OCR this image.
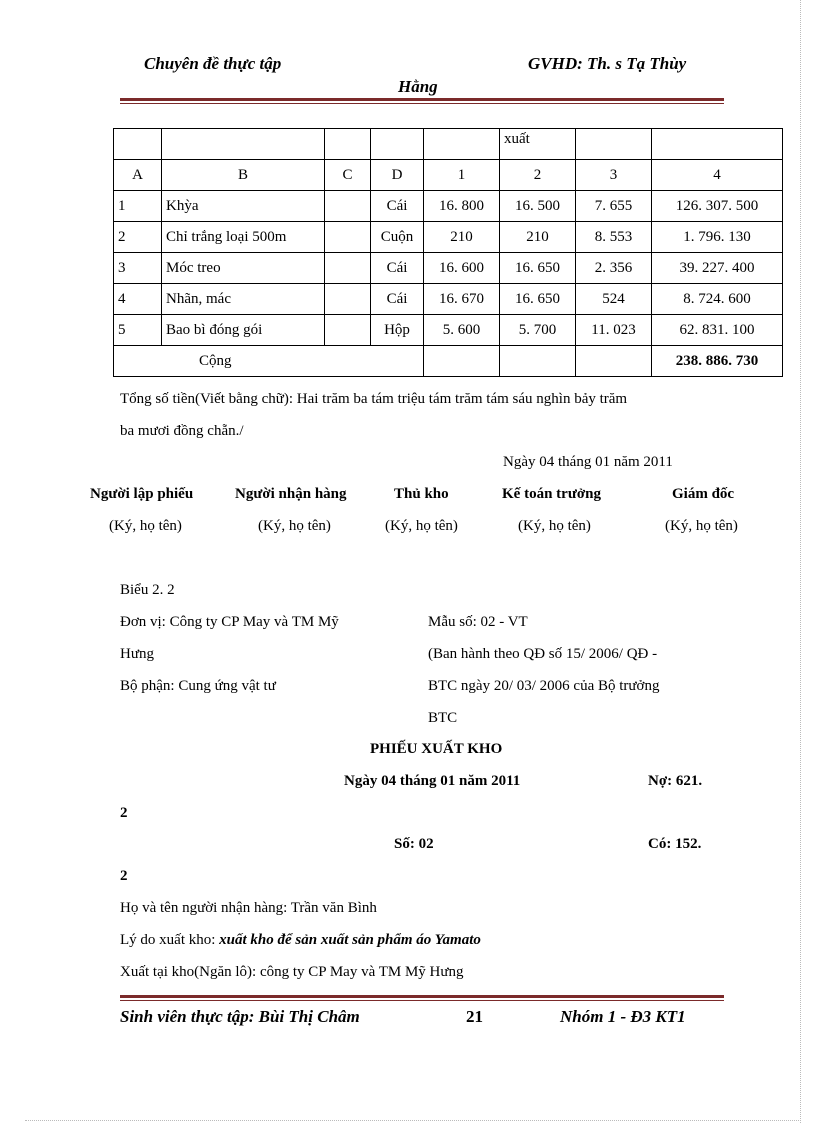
Chuyên đề thực tập	GVHD: Th. s Tạ Thùy
Hằng
					xuất		
A	B	C	D	1	2	3	4
1	Khỳa		Cái	16. 800	16. 500	7. 655	126. 307. 500
2	Chỉ trắng loại 500m		Cuộn	210	210	8. 553	1. 796. 130
3	Móc treo		Cái	16. 600	16. 650	2. 356	39. 227. 400
4	Nhãn, mác		Cái	16. 670	16. 650	524	8. 724. 600
5	Bao bì đóng gói		Hộp	5. 600	5. 700	11. 023	62. 831. 100
Cộng							238. 886. 730
Tổng số tiền(Viết bằng chữ): Hai trăm ba tám triệu tám trăm tám sáu nghìn bảy trăm
ba mươi đồng chẵn./
Ngày 04 tháng 01 năm 2011
Người lập phiếu	Người nhận hàng	Thủ kho	Kế toán trưởng	Giám đốc
(Ký, họ tên)	(Ký, họ tên)	(Ký, họ tên)	(Ký, họ tên)	(Ký, họ tên)
Biểu 2. 2
Đơn vị: Công ty CP May và TM Mỹ
Hưng
Bộ phận: Cung ứng vật tư
Mẫu số: 02 - VT
(Ban hành theo QĐ số 15/ 2006/ QĐ -
BTC ngày 20/ 03/ 2006 của Bộ trưởng
BTC
PHIẾU XUẤT KHO
Ngày 04 tháng 01 năm 2011	Nợ: 621.
2
Số: 02	Có: 152.
2
Họ và tên người nhận hàng: Trần văn Bình
Lý do xuất kho: xuất kho để sản xuất sản phẩm áo Yamato
Xuất tại kho(Ngăn lô): công ty CP May và TM Mỹ Hưng
Sinh viên thực tập: Bùi Thị Châm	21	Nhóm 1 - Đ3 KT1
